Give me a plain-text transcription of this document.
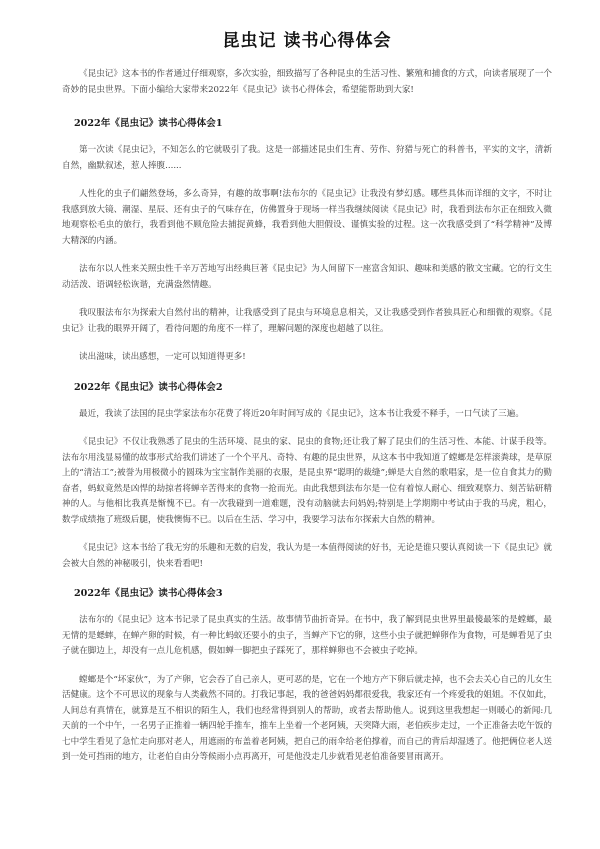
昆虫记 读书心得体会

《昆虫记》这本书的作者通过仔细观察，多次实验，细致描写了各种昆虫的生活习性、繁殖和捕食的方式，向读者展现了一个奇妙的昆虫世界。下面小编给大家带来2022年《昆虫记》读书心得体会，希望能帮助到大家!

2022年《昆虫记》读书心得体会1

第一次读《昆虫记》，不知怎么的它就吸引了我。这是一部描述昆虫们生育、劳作、狩猎与死亡的科普书，平实的文字，清新自然，幽默叙述，惹人捧腹......

人性化的虫子们翩然登场，多么奇异，有趣的故事啊!法布尔的《昆虫记》让我没有梦幻感。哪些具体而详细的文字，不时让我感到放大镜、潮湿、星辰、还有虫子的气味存在，仿佛置身于现场一样当我继续阅读《昆虫记》时，我看到法布尔正在细致入微地观察松毛虫的旅行，我看到他不顾危险去捕捉黄蜂，我看到他大胆假设、谨慎实验的过程。这一次我感受到了“科学精神”及博大精深的内涵。

法布尔以人性来关照虫性千辛万苦地写出经典巨著《昆虫记》为人间留下一座富含知识、趣味和美感的散文宝藏。它的行文生动活泼、语调轻松诙谐，充满盎然情趣。

我叹服法布尔为探索大自然付出的精神，让我感受到了昆虫与环境息息相关，又让我感受到作者独具匠心和细微的观察。《昆虫记》让我的眼界开阔了，看待问题的角度不一样了，理解问题的深度也超越了以往。

读出滋味，读出感想，一定可以知道得更多!

2022年《昆虫记》读书心得体会2

最近，我读了法国的昆虫学家法布尔花费了将近20年时间写成的《昆虫记》，这本书让我爱不释手，一口气读了三遍。

《昆虫记》不仅让我熟悉了昆虫的生活环境、昆虫的家、昆虫的食物;还让我了解了昆虫们的生活习性、本能、计谋手段等。法布尔用浅显易懂的故事形式给我们讲述了一个个平凡、奇特、有趣的昆虫世界，从这本书中我知道了螳螂是怎样滚粪球，是草原上的“清洁工”;被誉为用极微小的圆珠为宝宝制作美丽的衣服，是昆虫界“聪明的裁缝”;蝉是大自然的歌唱家，是一位自食其力的勤奋者，蚂蚁竟然是凶悍的劫掠者将蝉辛苦得来的食物一抢而光。由此我想到法布尔是一位有着惊人耐心、细致观察力、刻苦钻研精神的人。与他相比我真是惭愧不已。有一次我碰到一道难题，没有动脑就去问妈妈;特别是上学期期中考试由于我的马虎，粗心，数学成绩拖了班级后腿，使我懊悔不已。以后在生活、学习中，我要学习法布尔探索大自然的精神。

《昆虫记》这本书给了我无穷的乐趣和无数的启发，我认为是一本值得阅读的好书，无论是谁只要认真阅读一下《昆虫记》就会被大自然的神秘吸引，快来看看吧!

2022年《昆虫记》读书心得体会3

法布尔的《昆虫记》这本书记录了昆虫真实的生活。故事情节曲折奇异。在书中，我了解到昆虫世界里最傻最笨的是螳螂，最无情的是蟋蟀，在蝉产卵的时候，有一种比蚂蚁还要小的虫子，当蝉产下它的卵，这些小虫子就把蝉卵作为食物，可是蝉看见了虫子就在脚边上，却没有一点儿危机感，假如蝉一脚把虫子踩死了，那样蝉卵也不会被虫子吃掉。

螳螂是个“坏家伙”，为了产卵，它会吞了自己亲人，更可恶的是，它在一个地方产下卵后就走掉，也不会去关心自己的儿女生活健康。这个不可思议的现象与人类截然不同的。打我记事起，我的爸爸妈妈都很爱我，我家还有一个疼爱我的姐姐。不仅如此，人间总有真情在，就算是互不相识的陌生人，我们也经常得到别人的帮助，或者去帮助他人。说到这里我想起一则暖心的新闻:几天前的一个中午，一名男子正推着一辆四轮手推车，推车上坐着一个老阿姨，天突降大雨，老伯疾步走过，一个正准备去吃午饭的七中学生看见了急忙走向那对老人，用遮雨的布盖着老阿姨，把自己的雨伞给老伯撑着，而自己的背后却湿透了。他把俩位老人送到一处可挡雨的地方，让老伯自由分等候雨小点再离开，可是他没走几步就看见老伯准备要冒雨离开。
